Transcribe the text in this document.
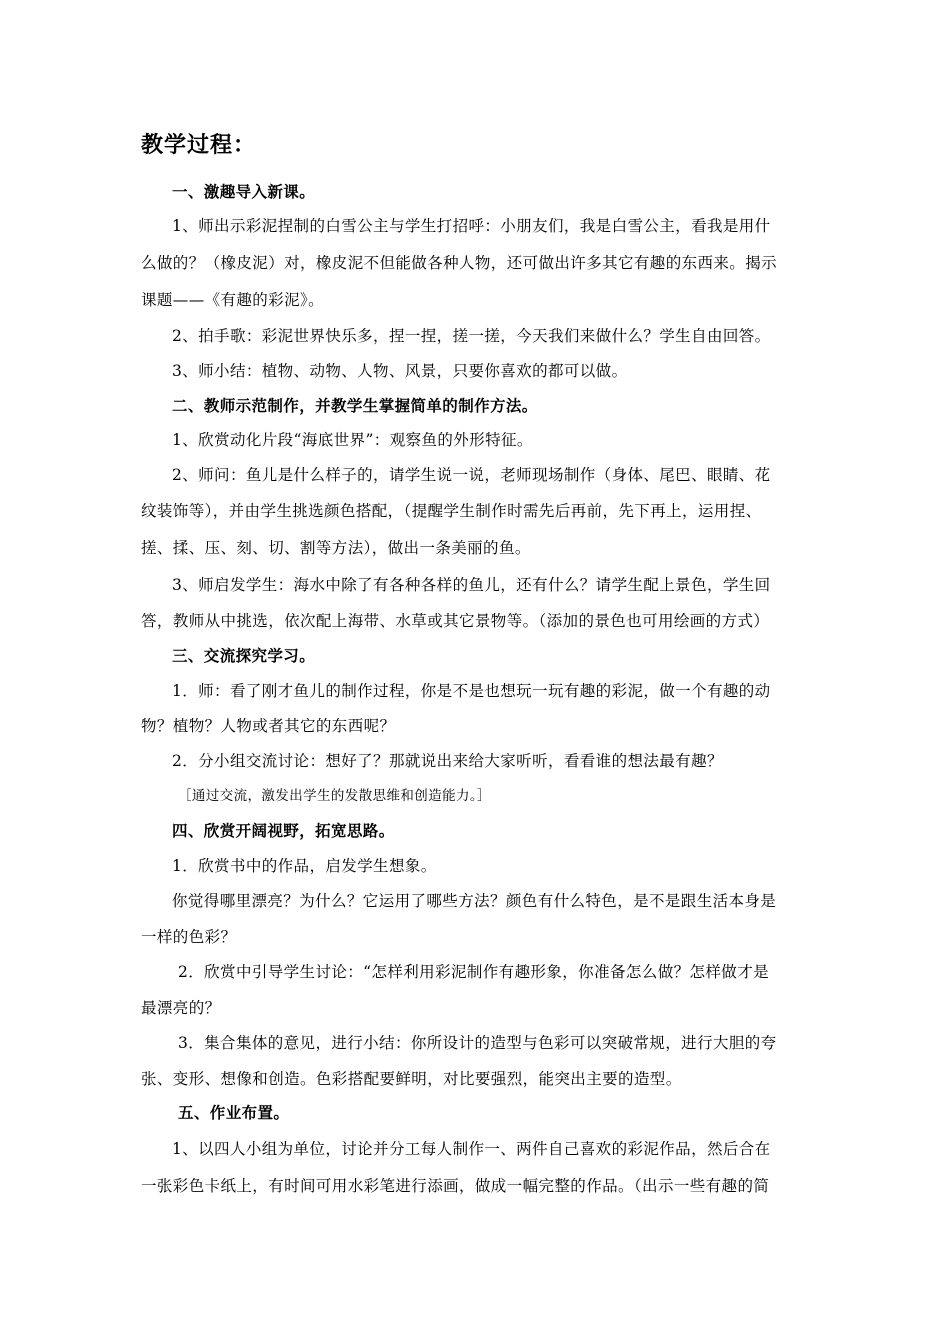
教学过程：
一、激趣导入新课。
1、师出示彩泥捏制的白雪公主与学生打招呼：小朋友们，我是白雪公主，看我是用什
么做的？（橡皮泥）对，橡皮泥不但能做各种人物，还可做出许多其它有趣的东西来。揭示
课题——《有趣的彩泥》。
2、拍手歌：彩泥世界快乐多，捏一捏，搓一搓，今天我们来做什么？学生自由回答。
3、师小结：植物、动物、人物、风景，只要你喜欢的都可以做。
二、教师示范制作，并教学生掌握简单的制作方法。
1、欣赏动化片段“海底世界”：观察鱼的外形特征。
2、师问：鱼儿是什么样子的，请学生说一说，老师现场制作（身体、尾巴、眼睛、花
纹装饰等），并由学生挑选颜色搭配，（提醒学生制作时需先后再前，先下再上，运用捏、
搓、揉、压、刻、切、割等方法），做出一条美丽的鱼。
3、师启发学生：海水中除了有各种各样的鱼儿，还有什么？请学生配上景色，学生回
答，教师从中挑选，依次配上海带、水草或其它景物等。（添加的景色也可用绘画的方式）
三、交流探究学习。
1．师：看了刚才鱼儿的制作过程，你是不是也想玩一玩有趣的彩泥，做一个有趣的动
物？植物？人物或者其它的东西呢？
2．分小组交流讨论：想好了？那就说出来给大家听听，看看谁的想法最有趣？
［通过交流，激发出学生的发散思维和创造能力。］
四、欣赏开阔视野，拓宽思路。
1．欣赏书中的作品，启发学生想象。
你觉得哪里漂亮？为什么？它运用了哪些方法？颜色有什么特色，是不是跟生活本身是
一样的色彩？
2．欣赏中引导学生讨论：“怎样利用彩泥制作有趣形象，你准备怎么做？怎样做才是
最漂亮的？
3．集合集体的意见，进行小结：你所设计的造型与色彩可以突破常规，进行大胆的夸
张、变形、想像和创造。色彩搭配要鲜明，对比要强烈，能突出主要的造型。
五、作业布置。
1、以四人小组为单位，讨论并分工每人制作一、两件自己喜欢的彩泥作品，然后合在
一张彩色卡纸上，有时间可用水彩笔进行添画，做成一幅完整的作品。（出示一些有趣的简
